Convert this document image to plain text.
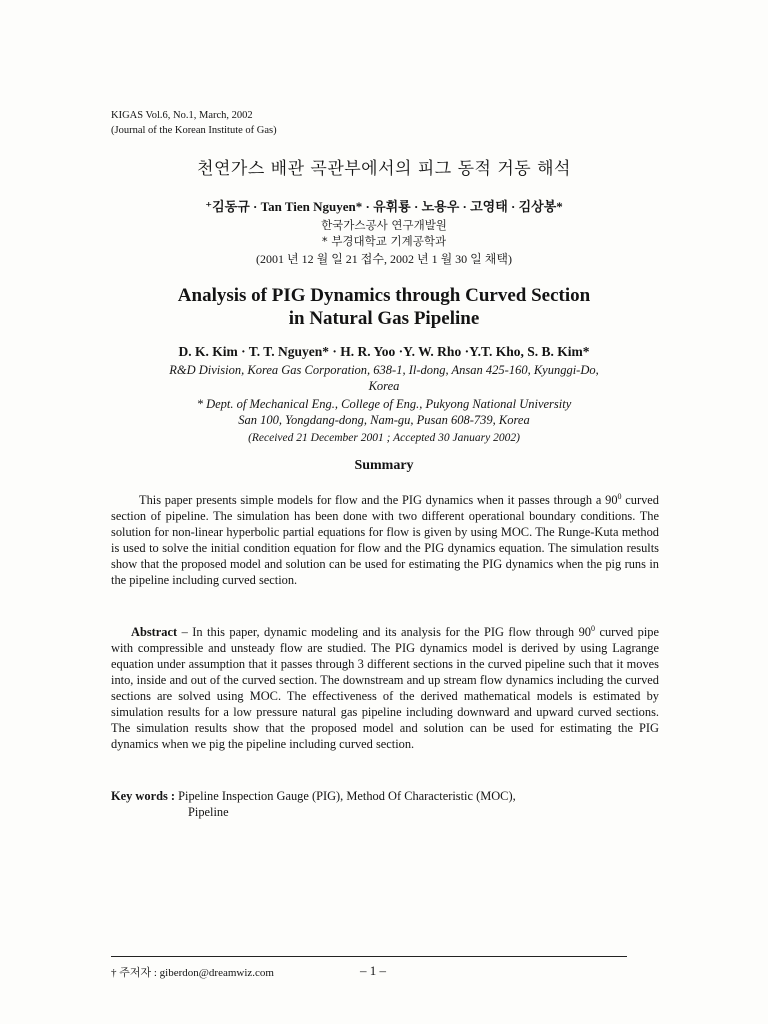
KIGAS Vol.6, No.1, March, 2002
(Journal of the Korean Institute of Gas)
천연가스 배관 곡관부에서의 피그 동적 거동 해석
⁺김동규 · Tan Tien Nguyen* · 유휘룡 · 노용우 · 고영태 · 김상봉*
한국가스공사 연구개발원
* 부경대학교 기계공학과
(2001 년 12 월 일 21 접수, 2002 년 1 월 30 일 채택)
Analysis of PIG Dynamics through Curved Section
in Natural Gas Pipeline
D. K. Kim · T. T. Nguyen* · H. R. Yoo ·Y. W. Rho ·Y.T. Kho, S. B. Kim*
R&D Division, Korea Gas Corporation, 638-1, Il-dong, Ansan 425-160, Kyunggi-Do,
Korea
* Dept. of Mechanical Eng., College of Eng., Pukyong National University
San 100, Yongdang-dong, Nam-gu, Pusan 608-739, Korea
(Received 21 December 2001 ; Accepted 30 January 2002)
Summary
This paper presents simple models for flow and the PIG dynamics when it passes through a $90^0$ curved section of pipeline. The simulation has been done with two different operational boundary conditions. The solution for non-linear hyperbolic partial equations for flow is given by using MOC. The Runge-Kuta method is used to solve the initial condition equation for flow and the PIG dynamics equation. The simulation results show that the proposed model and solution can be used for estimating the PIG dynamics when the pig runs in the pipeline including curved section.
Abstract – In this paper, dynamic modeling and its analysis for the PIG flow through $90^0$ curved pipe with compressible and unsteady flow are studied. The PIG dynamics model is derived by using Lagrange equation under assumption that it passes through 3 different sections in the curved pipeline such that it moves into, inside and out of the curved section. The downstream and up stream flow dynamics including the curved sections are solved using MOC. The effectiveness of the derived mathematical models is estimated by simulation results for a low pressure natural gas pipeline including downward and upward curved sections. The simulation results show that the proposed model and solution can be used for estimating the PIG dynamics when we pig the pipeline including curved section.
Key words : Pipeline Inspection Gauge (PIG), Method Of Characteristic (MOC),
Pipeline
† 주저자 : giberdon@dreamwiz.com	– 1 –
